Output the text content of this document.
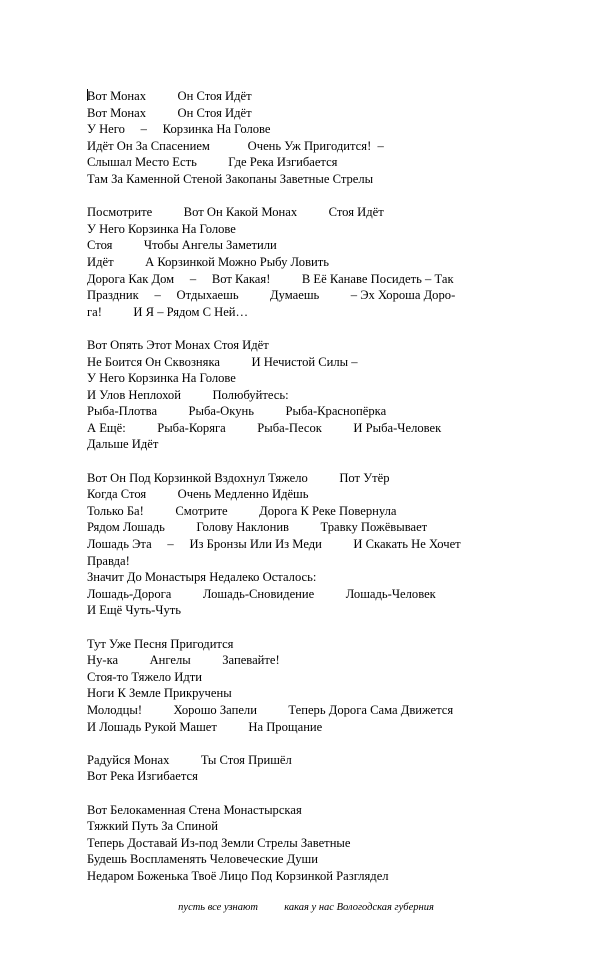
Вот Монах          Он Стоя Идёт
Вот Монах          Он Стоя Идёт
У Него     –     Корзинка На Голове
Идёт Он За Спасением            Очень Уж Пригодится!  –
Слышал Место Есть          Где Река Изгибается
Там За Каменной Стеной Закопаны Заветные Стрелы
Посмотрите          Вот Он Какой Монах          Стоя Идёт
У Него Корзинка На Голове
Стоя          Чтобы Ангелы Заметили
Идёт          А Корзинкой Можно Рыбу Ловить
Дорога Как Дом     –     Вот Какая!          В Её Канаве Посидеть – Так
Праздник     –     Отдыхаешь          Думаешь          – Эх Хороша Доро-
га!          И Я – Рядом С Ней…
Вот Опять Этот Монах Стоя Идёт
Не Боится Он Сквозняка          И Нечистой Силы –
У Него Корзинка На Голове
И Улов Неплохой          Полюбуйтесь:
Рыба-Плотва          Рыба-Окунь          Рыба-Краснопёрка
А Ещё:          Рыба-Корягa          Рыба-Песок          И Рыба-Человек
Дальше Идёт
Вот Он Под Корзинкой Вздохнул Тяжело          Пот Утёр
Когда Стоя          Очень Медленно Идёшь
Только Ба!          Смотрите          Дорога К Реке Повернула
Рядом Лошадь          Голову Наклонив          Травку Пожёвывает
Лошадь Эта     –     Из Бронзы Или Из Меди          И Скакать Не Хочет
Правда!
Значит До Монастыря Недалеко Осталось:
Лошадь-Дорога          Лошадь-Сновидение          Лошадь-Человек
И Ещё Чуть-Чуть
Тут Уже Песня Пригодится
Ну-ка          Ангелы          Запевайте!
Стоя-то Тяжело Идти
Ноги К Земле Прикручены
Молодцы!          Хорошо Запели          Теперь Дорога Сама Движется
И Лошадь Рукой Машет          На Прощание
Радуйся Монах          Ты Стоя Пришёл
Вот Река Изгибается
Вот Белокаменная Стена Монастырская
Тяжкий Путь За Спиной
Теперь Доставай Из-под Земли Стрелы Заветные
Будешь Воспламенять Человеческие Души
Недаром Боженька Твоё Лицо Под Корзинкой Разглядел
пусть все узнают          какая у нас Вологодская губерния
